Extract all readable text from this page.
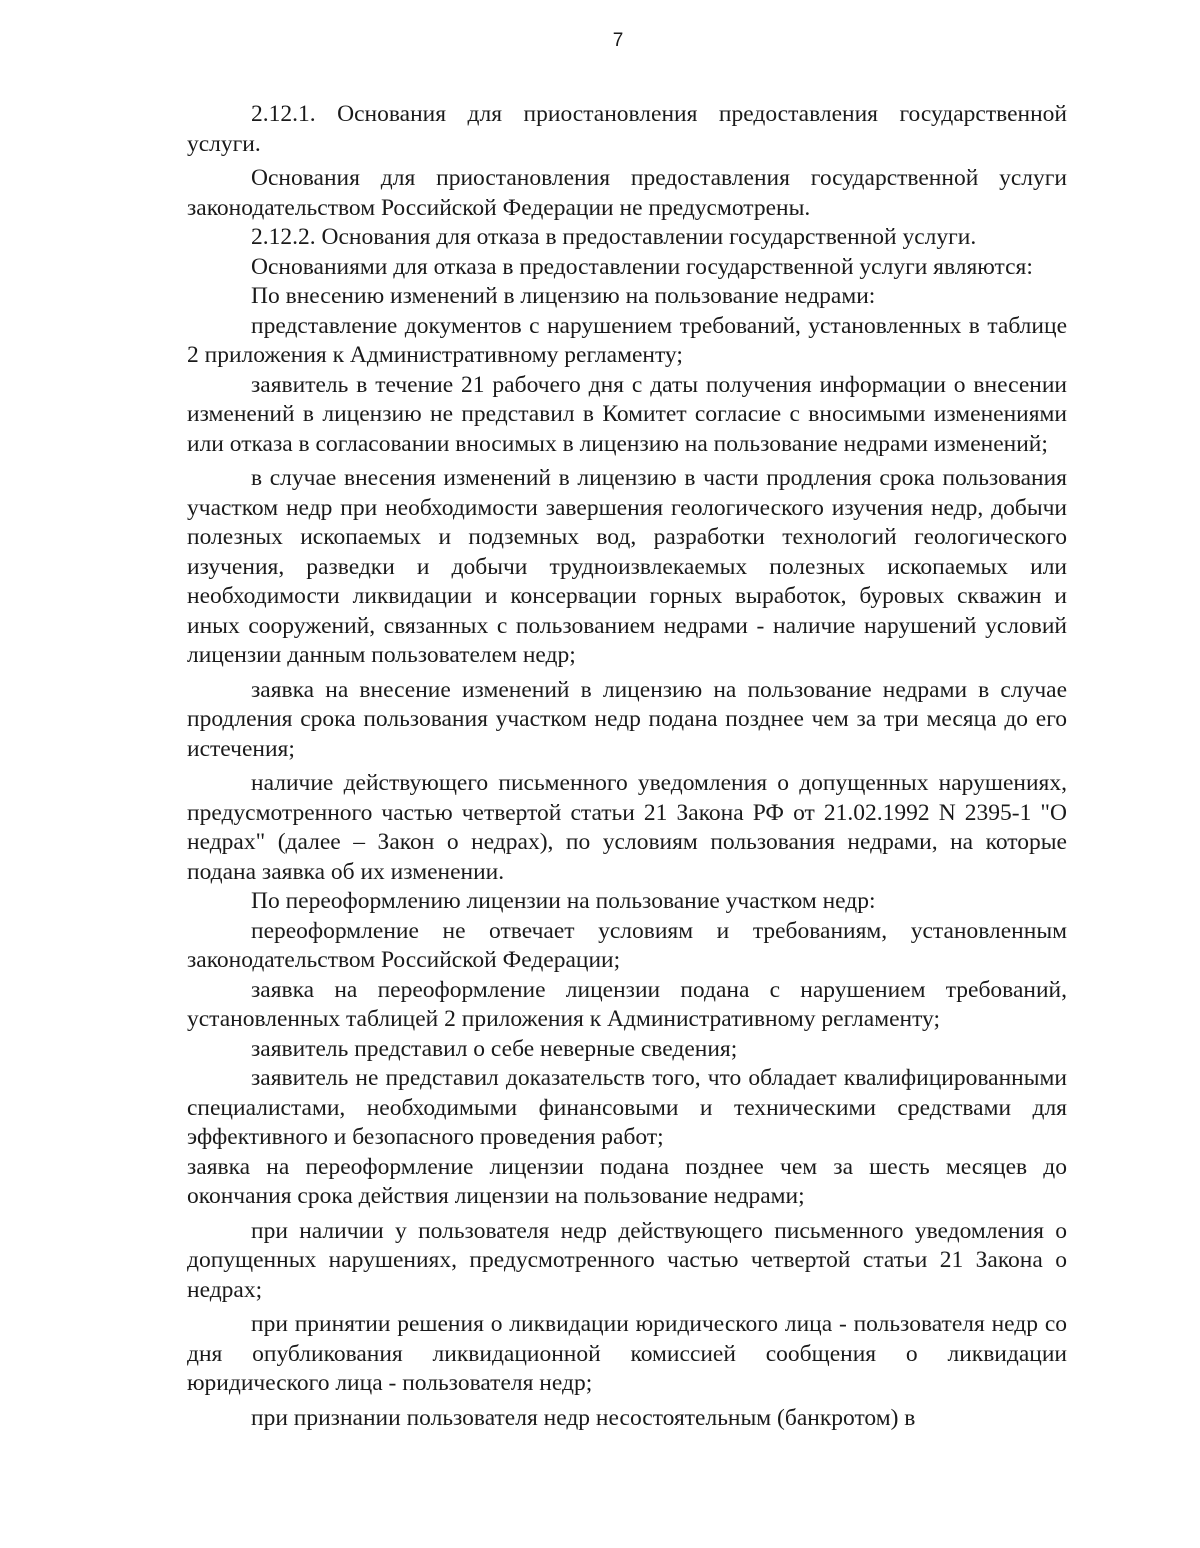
7

2.12.1. Основания для приостановления предоставления государственной услуги.

Основания для приостановления предоставления государственной услуги законодательством Российской Федерации не предусмотрены.

2.12.2. Основания для отказа в предоставлении государственной услуги.

Основаниями для отказа в предоставлении государственной услуги являются:

По внесению изменений в лицензию на пользование недрами:

представление документов с нарушением требований, установленных в таблице 2 приложения к Административному регламенту;

заявитель в течение 21 рабочего дня с даты получения информации о внесении изменений в лицензию не представил в Комитет согласие с вносимыми изменениями или отказа в согласовании вносимых в лицензию на пользование недрами изменений;

в случае внесения изменений в лицензию в части продления срока пользования участком недр при необходимости завершения геологического изучения недр, добычи полезных ископаемых и подземных вод, разработки технологий геологического изучения, разведки и добычи трудноизвлекаемых полезных ископаемых или необходимости ликвидации и консервации горных выработок, буровых скважин и иных сооружений, связанных с пользованием недрами - наличие нарушений условий лицензии данным пользователем недр;

заявка на внесение изменений в лицензию на пользование недрами в случае продления срока пользования участком недр подана позднее чем за три месяца до его истечения;

наличие действующего письменного уведомления о допущенных нарушениях, предусмотренного частью четвертой статьи 21 Закона РФ от 21.02.1992 N 2395-1 "О недрах" (далее – Закон о недрах), по условиям пользования недрами, на которые подана заявка об их изменении.

По переоформлению лицензии на пользование участком недр:

переоформление не отвечает условиям и требованиям, установленным законодательством Российской Федерации;

заявка на переоформление лицензии подана с нарушением требований, установленных таблицей 2 приложения к Административному регламенту;

заявитель представил о себе неверные сведения;

заявитель не представил доказательств того, что обладает квалифицированными специалистами, необходимыми финансовыми и техническими средствами для эффективного и безопасного проведения работ;

заявка на переоформление лицензии подана позднее чем за шесть месяцев до окончания срока действия лицензии на пользование недрами;

при наличии у пользователя недр действующего письменного уведомления о допущенных нарушениях, предусмотренного частью четвертой статьи 21 Закона о недрах;

при принятии решения о ликвидации юридического лица - пользователя недр со дня опубликования ликвидационной комиссией сообщения о ликвидации юридического лица - пользователя недр;

при признании пользователя недр несостоятельным (банкротом) в
